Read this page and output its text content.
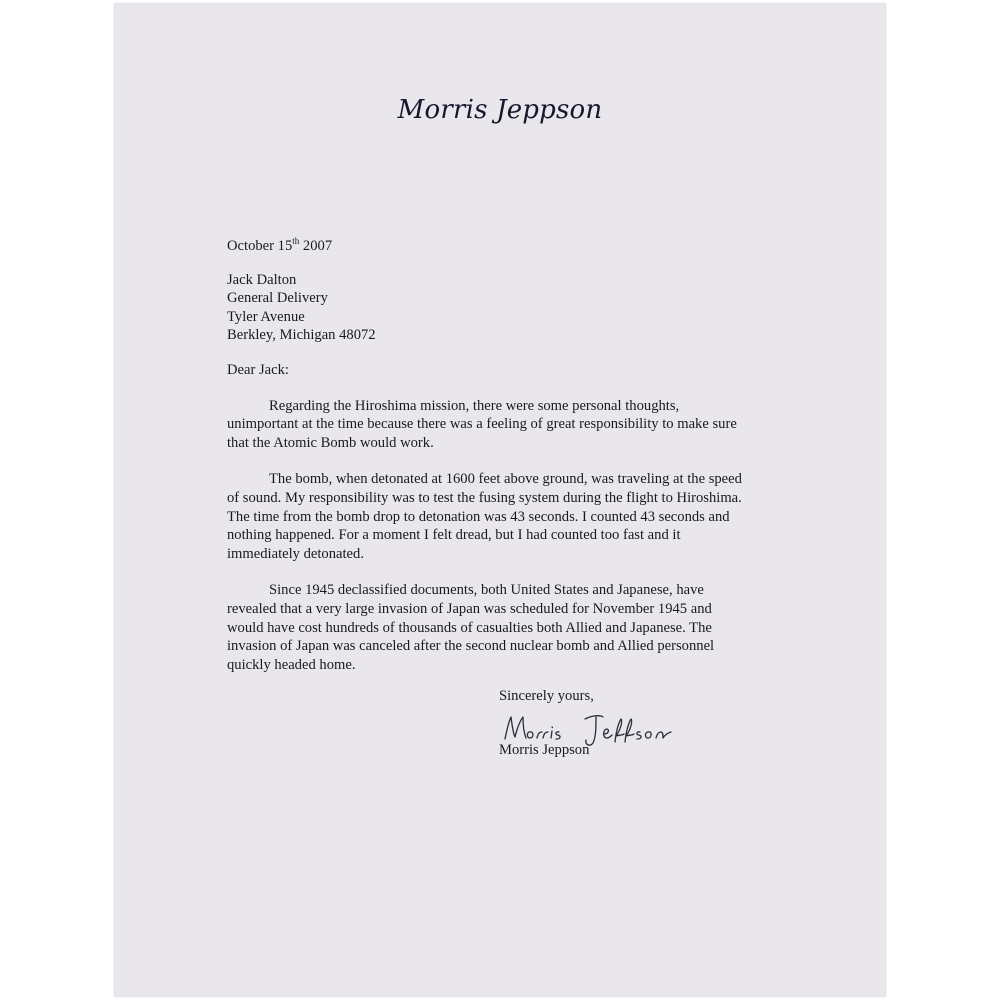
Morris Jeppson
October 15th 2007
Jack Dalton
General Delivery
Tyler Avenue
Berkley, Michigan 48072
Dear Jack:
Regarding the Hiroshima mission, there were some personal thoughts,
unimportant at the time because there was a feeling of great responsibility to make sure
that the Atomic Bomb would work.
The bomb, when detonated at 1600 feet above ground, was traveling at the speed
of sound. My responsibility was to test the fusing system during the flight to Hiroshima.
The time from the bomb drop to detonation was 43 seconds. I counted 43 seconds and
nothing happened. For a moment I felt dread, but I had counted too fast and it
immediately detonated.
Since 1945 declassified documents, both United States and Japanese, have
revealed that a very large invasion of Japan was scheduled for November 1945 and
would have cost hundreds of thousands of casualties both Allied and Japanese. The
invasion of Japan was canceled after the second nuclear bomb and Allied personnel
quickly headed home.
Sincerely yours,
Morris Jeppson
